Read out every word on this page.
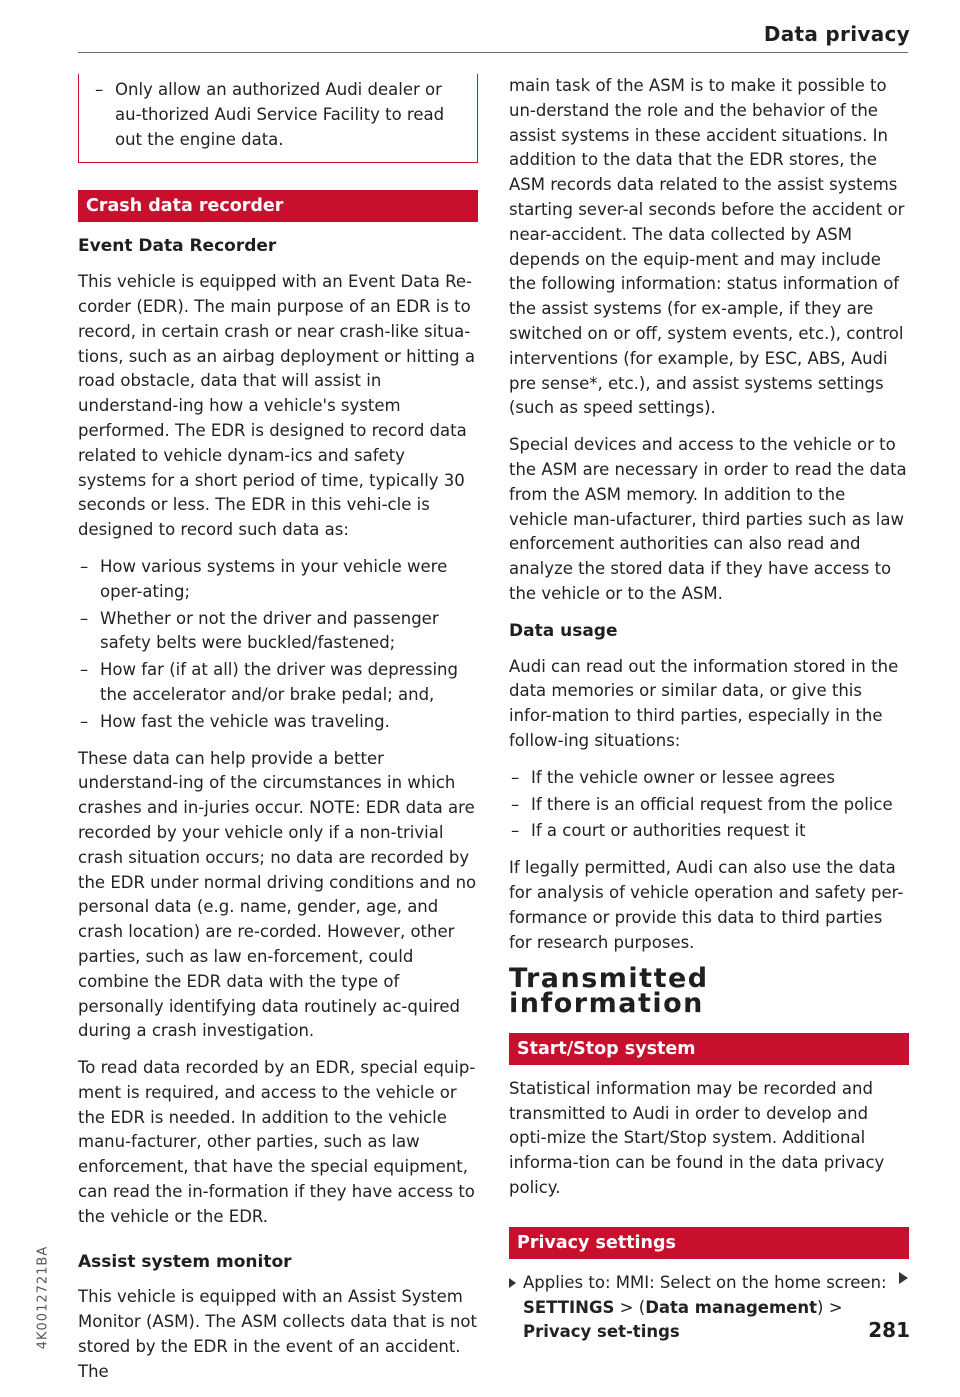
Data privacy
– Only allow an authorized Audi dealer or au-thorized Audi Service Facility to read out the engine data.
Crash data recorder
Event Data Recorder

This vehicle is equipped with an Event Data Re-corder (EDR). The main purpose of an EDR is to record, in certain crash or near crash-like situa-tions, such as an airbag deployment or hitting a road obstacle, data that will assist in understand-ing how a vehicle's system performed. The EDR is designed to record data related to vehicle dynam-ics and safety systems for a short period of time, typically 30 seconds or less. The EDR in this vehi-cle is designed to record such data as:

– How various systems in your vehicle were oper-ating;
– Whether or not the driver and passenger safety belts were buckled/fastened;
– How far (if at all) the driver was depressing the accelerator and/or brake pedal; and,
– How fast the vehicle was traveling.

These data can help provide a better understand-ing of the circumstances in which crashes and in-juries occur. NOTE: EDR data are recorded by your vehicle only if a non-trivial crash situation occurs; no data are recorded by the EDR under normal driving conditions and no personal data (e.g. name, gender, age, and crash location) are re-corded. However, other parties, such as law en-forcement, could combine the EDR data with the type of personally identifying data routinely ac-quired during a crash investigation.

To read data recorded by an EDR, special equip-ment is required, and access to the vehicle or the EDR is needed. In addition to the vehicle manu-facturer, other parties, such as law enforcement, that have the special equipment, can read the in-formation if they have access to the vehicle or the EDR.

Assist system monitor

This vehicle is equipped with an Assist System Monitor (ASM). The ASM collects data that is not stored by the EDR in the event of an accident. The

main task of the ASM is to make it possible to un-derstand the role and the behavior of the assist systems in these accident situations. In addition to the data that the EDR stores, the ASM records data related to the assist systems starting sever-al seconds before the accident or near-accident. The data collected by ASM depends on the equip-ment and may include the following information: status information of the assist systems (for ex-ample, if they are switched on or off, system events, etc.), control interventions (for example, by ESC, ABS, Audi pre sense*, etc.), and assist systems settings (such as speed settings).

Special devices and access to the vehicle or to the ASM are necessary in order to read the data from the ASM memory. In addition to the vehicle man-ufacturer, third parties such as law enforcement authorities can also read and analyze the stored data if they have access to the vehicle or to the ASM.

Data usage

Audi can read out the information stored in the data memories or similar data, or give this infor-mation to third parties, especially in the follow-ing situations:

– If the vehicle owner or lessee agrees
– If there is an official request from the police
– If a court or authorities request it

If legally permitted, Audi can also use the data for analysis of vehicle operation and safety per-formance or provide this data to third parties for research purposes.

Transmitted information
Start/Stop system

Statistical information may be recorded and transmitted to Audi in order to develop and opti-mize the Start/Stop system. Additional informa-tion can be found in the data privacy policy.

Privacy settings
Applies to: MMI: Select on the home screen:
SETTINGS > (Data management) > Privacy set-tings	281
4K0012721BA
